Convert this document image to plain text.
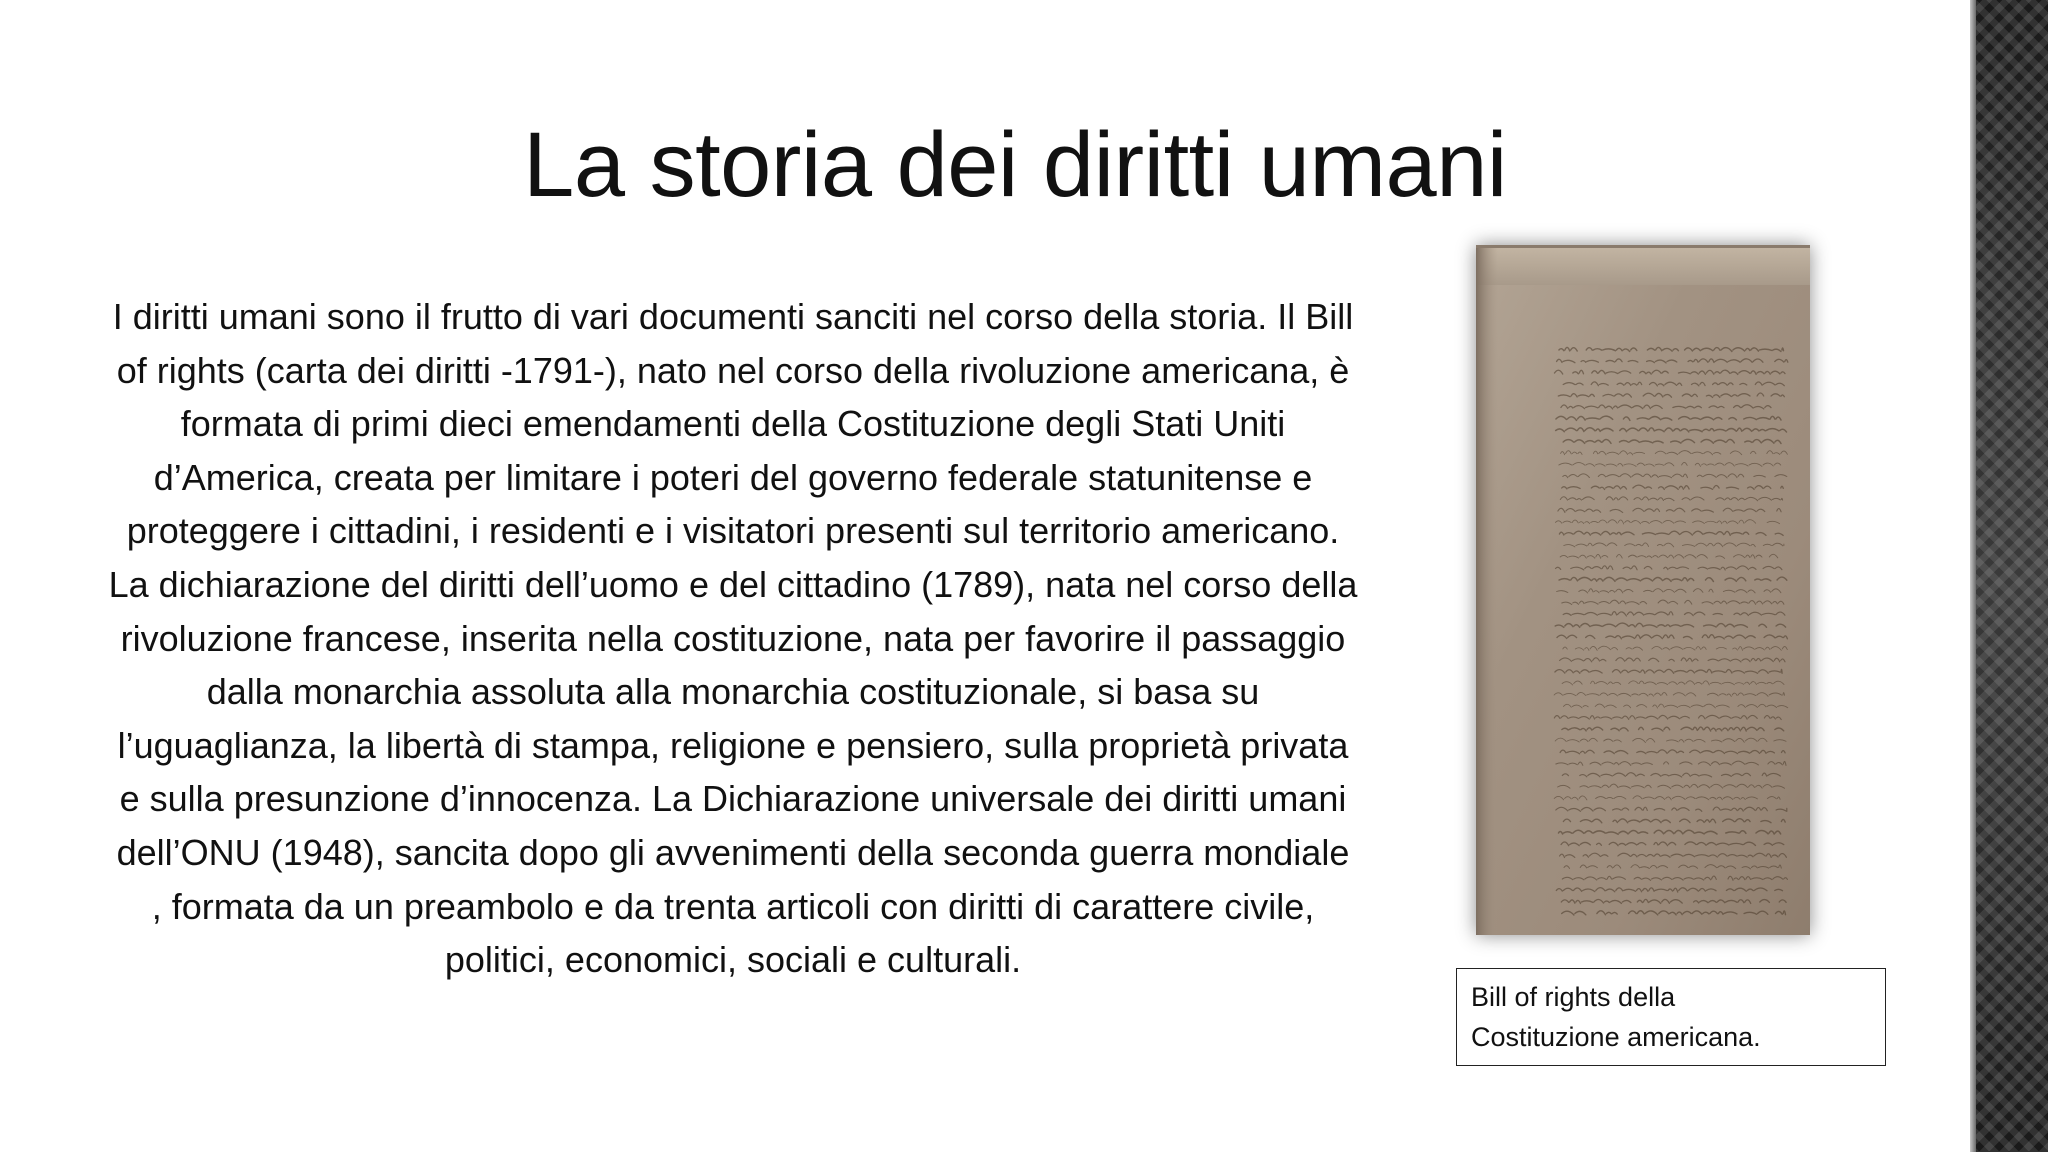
La storia dei diritti umani

I diritti umani sono il frutto di vari documenti sanciti nel corso della storia. Il Bill of rights (carta dei diritti -1791-), nato nel corso della rivoluzione americana, è formata di primi dieci emendamenti della Costituzione degli Stati Uniti d’America, creata per limitare i poteri del governo federale statunitense e proteggere i cittadini, i residenti e i visitatori presenti sul territorio americano. La dichiarazione del diritti dell’uomo e del cittadino (1789), nata nel corso della rivoluzione francese, inserita nella costituzione, nata per favorire il passaggio dalla monarchia assoluta alla monarchia costituzionale, si basa su l’uguaglianza, la libertà di stampa, religione e pensiero, sulla proprietà privata e sulla presunzione d’innocenza. La Dichiarazione universale dei diritti umani dell’ONU (1948), sancita dopo gli avvenimenti della seconda guerra mondiale , formata da un preambolo e da trenta articoli con diritti di carattere civile, politici, economici, sociali e culturali.

Bill of rights della
Costituzione americana.
